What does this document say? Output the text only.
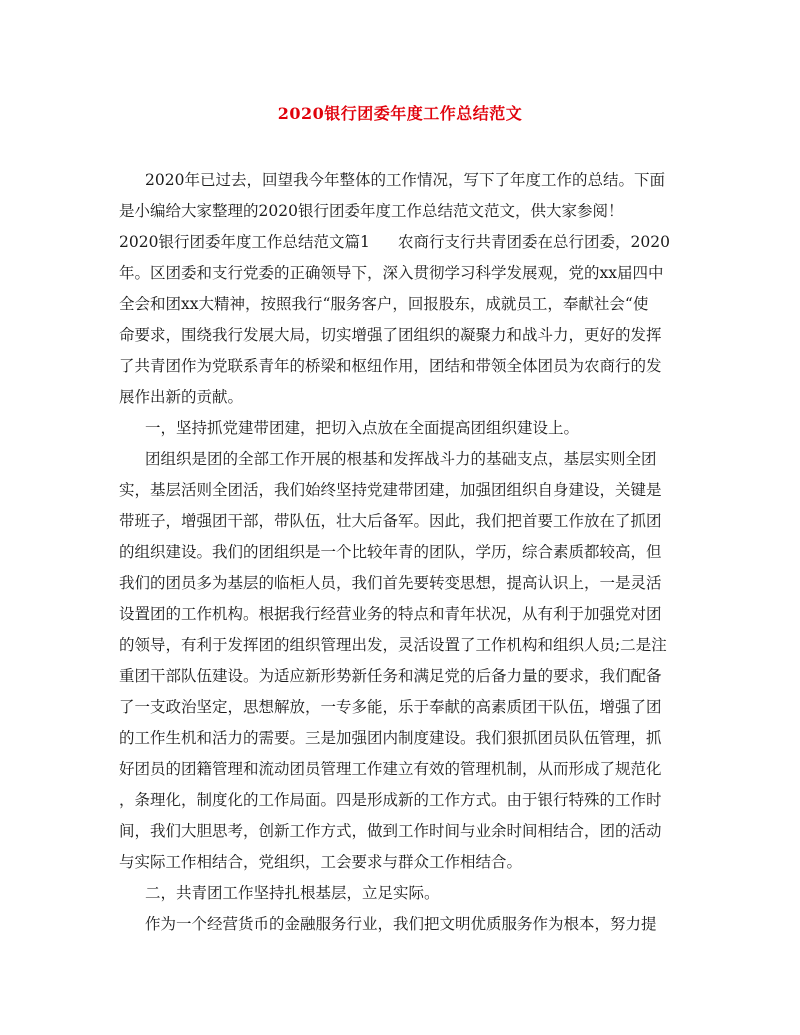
2020银行团委年度工作总结范文
2020年已过去，回望我今年整体的工作情况，写下了年度工作的总结。下面
是小编给大家整理的2020银行团委年度工作总结范文范文，供大家参阅！
2020银行团委年度工作总结范文篇1 农商行支行共青团委在总行团委，2020
年。区团委和支行党委的正确领导下，深入贯彻学习科学发展观，党的xx届四中
全会和团xx大精神，按照我行“服务客户，回报股东，成就员工，奉献社会“使
命要求，围绕我行发展大局，切实增强了团组织的凝聚力和战斗力，更好的发挥
了共青团作为党联系青年的桥梁和枢纽作用，团结和带领全体团员为农商行的发
展作出新的贡献。
一，坚持抓党建带团建，把切入点放在全面提高团组织建设上。
团组织是团的全部工作开展的根基和发挥战斗力的基础支点，基层实则全团
实，基层活则全团活，我们始终坚持党建带团建，加强团组织自身建设，关键是
带班子，增强团干部，带队伍，壮大后备军。因此，我们把首要工作放在了抓团
的组织建设。我们的团组织是一个比较年青的团队，学历，综合素质都较高，但
我们的团员多为基层的临柜人员，我们首先要转变思想，提高认识上，一是灵活
设置团的工作机构。根据我行经营业务的特点和青年状况，从有利于加强党对团
的领导，有利于发挥团的组织管理出发，灵活设置了工作机构和组织人员;二是注
重团干部队伍建设。为适应新形势新任务和满足党的后备力量的要求，我们配备
了一支政治坚定，思想解放，一专多能，乐于奉献的高素质团干队伍，增强了团
的工作生机和活力的需要。三是加强团内制度建设。我们狠抓团员队伍管理，抓
好团员的团籍管理和流动团员管理工作建立有效的管理机制，从而形成了规范化
，条理化，制度化的工作局面。四是形成新的工作方式。由于银行特殊的工作时
间，我们大胆思考，创新工作方式，做到工作时间与业余时间相结合，团的活动
与实际工作相结合，党组织，工会要求与群众工作相结合。
二，共青团工作坚持扎根基层，立足实际。
作为一个经营货币的金融服务行业，我们把文明优质服务作为根本，努力提
